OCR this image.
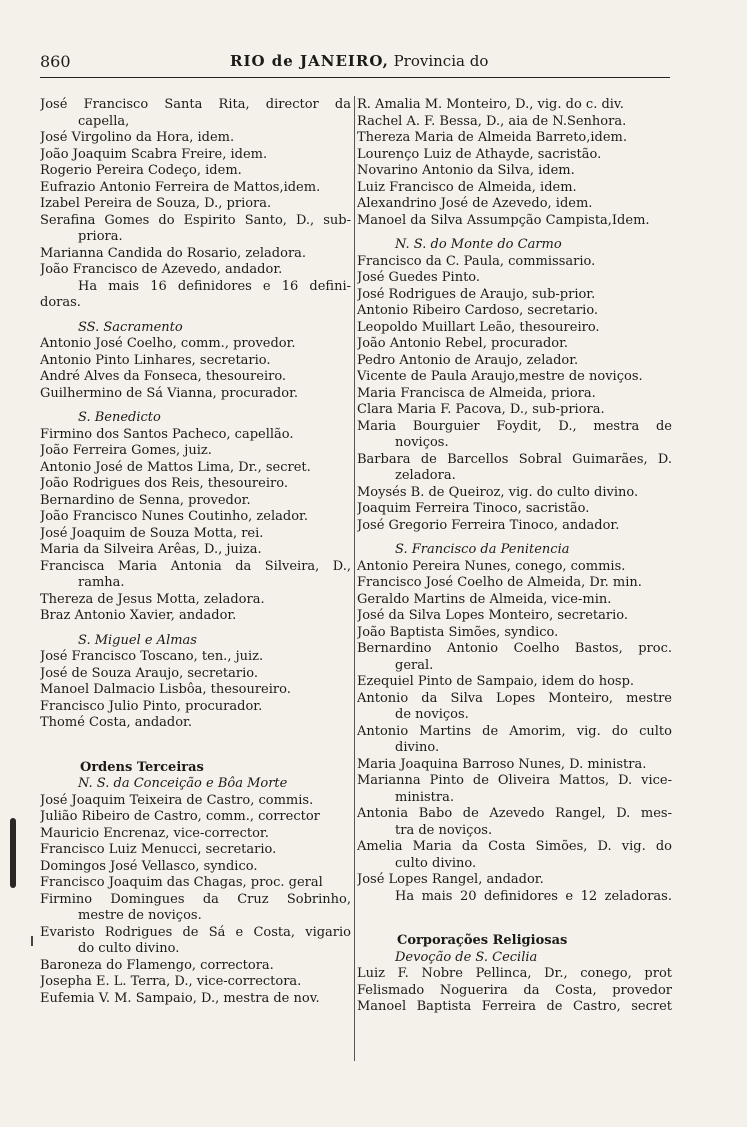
860	RIO de JANEIRO, Provincia do
José Francisco Santa Rita, director da
capella,
José Virgolino da Hora, idem.
João Joaquim Scabra Freire, idem.
Rogerio Pereira Codeço, idem.
Eufrazio Antonio Ferreira de Mattos,idem.
Izabel Pereira de Souza, D., priora.
Serafina Gomes do Espirito Santo, D., sub-
priora.
Marianna Candida do Rosario, zeladora.
João Francisco de Azevedo, andador.
Ha mais 16 definidores e 16 defini-
doras.
SS. Sacramento
Antonio José Coelho, comm., provedor.
Antonio Pinto Linhares, secretario.
André Alves da Fonseca, thesoureiro.
Guilhermino de Sá Vianna, procurador.
S. Benedicto
Firmino dos Santos Pacheco, capellão.
João Ferreira Gomes, juiz.
Antonio José de Mattos Lima, Dr., secret.
João Rodrigues dos Reis, thesoureiro.
Bernardino de Senna, provedor.
João Francisco Nunes Coutinho, zelador.
José Joaquim de Souza Motta, rei.
Maria da Silveira Arêas, D., juiza.
Francisca Maria Antonia da Silveira, D.,
ramha.
Thereza de Jesus Motta, zeladora.
Braz Antonio Xavier, andador.
S. Miguel e Almas
José Francisco Toscano, ten., juiz.
José de Souza Araujo, secretario.
Manoel Dalmacio Lisbôa, thesoureiro.
Francisco Julio Pinto, procurador.
Thomé Costa, andador.
Ordens Terceiras
N. S. da Conceição e Bôa Morte
José Joaquim Teixeira de Castro, commis.
Julião Ribeiro de Castro, comm., corrector
Mauricio Encrenaz, vice-corrector.
Francisco Luiz Menucci, secretario.
Domingos José Vellasco, syndico.
Francisco Joaquim das Chagas, proc. geral
Firmino Domingues da Cruz Sobrinho,
mestre de noviços.
Evaristo Rodrigues de Sá e Costa, vigario
do culto divino.
Baroneza do Flamengo, correctora.
Josepha E. L. Terra, D., vice-correctora.
Eufemia V. M. Sampaio, D., mestra de nov.
R. Amalia M. Monteiro, D., vig. do c. div.
Rachel A. F. Bessa, D., aia de N.Senhora.
Thereza Maria de Almeida Barreto,idem.
Lourenço Luiz de Athayde, sacristão.
Novarino Antonio da Silva, idem.
Luiz Francisco de Almeida, idem.
Alexandrino José de Azevedo, idem.
Manoel da Silva Assumpção Campista,Idem.
N. S. do Monte do Carmo
Francisco da C. Paula, commissario.
José Guedes Pinto.
José Rodrigues de Araujo, sub-prior.
Antonio Ribeiro Cardoso, secretario.
Leopoldo Muillart Leão, thesoureiro.
João Antonio Rebel, procurador.
Pedro Antonio de Araujo, zelador.
Vicente de Paula Araujo,mestre de noviços.
Maria Francisca de Almeida, priora.
Clara Maria F. Pacova, D., sub-priora.
Maria Bourguier Foydit, D., mestra de
noviços.
Barbara de Barcellos Sobral Guimarães, D.
zeladora.
Moysés B. de Queiroz, vig. do culto divino.
Joaquim Ferreira Tinoco, sacristão.
José Gregorio Ferreira Tinoco, andador.
S. Francisco da Penitencia
Antonio Pereira Nunes, conego, commis.
Francisco José Coelho de Almeida, Dr. min.
Geraldo Martins de Almeida, vice-min.
José da Silva Lopes Monteiro, secretario.
João Baptista Simões, syndico.
Bernardino Antonio Coelho Bastos, proc.
geral.
Ezequiel Pinto de Sampaio, idem do hosp.
Antonio da Silva Lopes Monteiro, mestre
de noviços.
Antonio Martins de Amorim, vig. do culto
divino.
Maria Joaquina Barroso Nunes, D. ministra.
Marianna Pinto de Oliveira Mattos, D. vice-
ministra.
Antonia Babo de Azevedo Rangel, D. mes-
tra de noviços.
Amelia Maria da Costa Simões, D. vig. do
culto divino.
José Lopes Rangel, andador.
Ha mais 20 definidores e 12 zeladoras.
Corporações Religiosas
Devoção de S. Cecilia
Luiz F. Nobre Pellinca, Dr., conego, prot
Felismado Noguerira da Costa, provedor
Manoel Baptista Ferreira de Castro, secret
